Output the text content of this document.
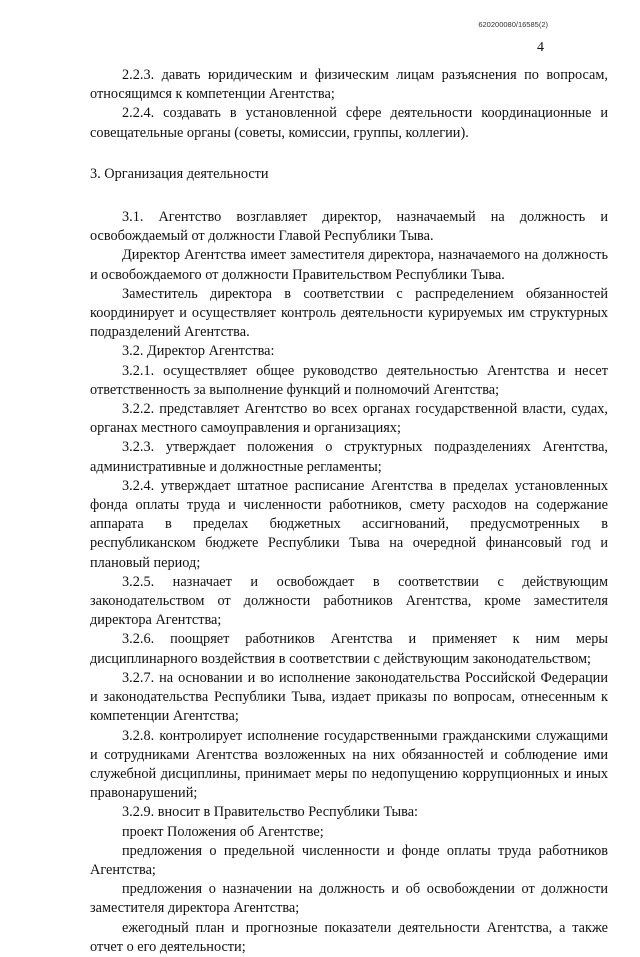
620200080/16585(2)
4

2.2.3. давать юридическим и физическим лицам разъяснения по вопросам, относящимся к компетенции Агентства;

2.2.4. создавать в установленной сфере деятельности координационные и совещательные органы (советы, комиссии, группы, коллегии).

3. Организация деятельности

3.1. Агентство возглавляет директор, назначаемый на должность и освобождаемый от должности Главой Республики Тыва.

Директор Агентства имеет заместителя директора, назначаемого на должность и освобождаемого от должности Правительством Республики Тыва.

Заместитель директора в соответствии с распределением обязанностей координирует и осуществляет контроль деятельности курируемых им структурных подразделений Агентства.

3.2. Директор Агентства:

3.2.1. осуществляет общее руководство деятельностью Агентства и несет ответственность за выполнение функций и полномочий Агентства;

3.2.2. представляет Агентство во всех органах государственной власти, судах, органах местного самоуправления и организациях;

3.2.3. утверждает положения о структурных подразделениях Агентства, административные и должностные регламенты;

3.2.4. утверждает штатное расписание Агентства в пределах установленных фонда оплаты труда и численности работников, смету расходов на содержание аппарата в пределах бюджетных ассигнований, предусмотренных в республиканском бюджете Республики Тыва на очередной финансовый год и плановый период;

3.2.5. назначает и освобождает в соответствии с действующим законодательством от должности работников Агентства, кроме заместителя директора Агентства;

3.2.6. поощряет работников Агентства и применяет к ним меры дисциплинарного воздействия в соответствии с действующим законодательством;

3.2.7. на основании и во исполнение законодательства Российской Федерации и законодательства Республики Тыва, издает приказы по вопросам, отнесенным к компетенции Агентства;

3.2.8. контролирует исполнение государственными гражданскими служащими и сотрудниками Агентства возложенных на них обязанностей и соблюдение ими служебной дисциплины, принимает меры по недопущению коррупционных и иных правонарушений;

3.2.9. вносит в Правительство Республики Тыва:

проект Положения об Агентстве;

предложения о предельной численности и фонде оплаты труда работников Агентства;

предложения о назначении на должность и об освобождении от должности заместителя директора Агентства;

ежегодный план и прогнозные показатели деятельности Агентства, а также отчет о его деятельности;
